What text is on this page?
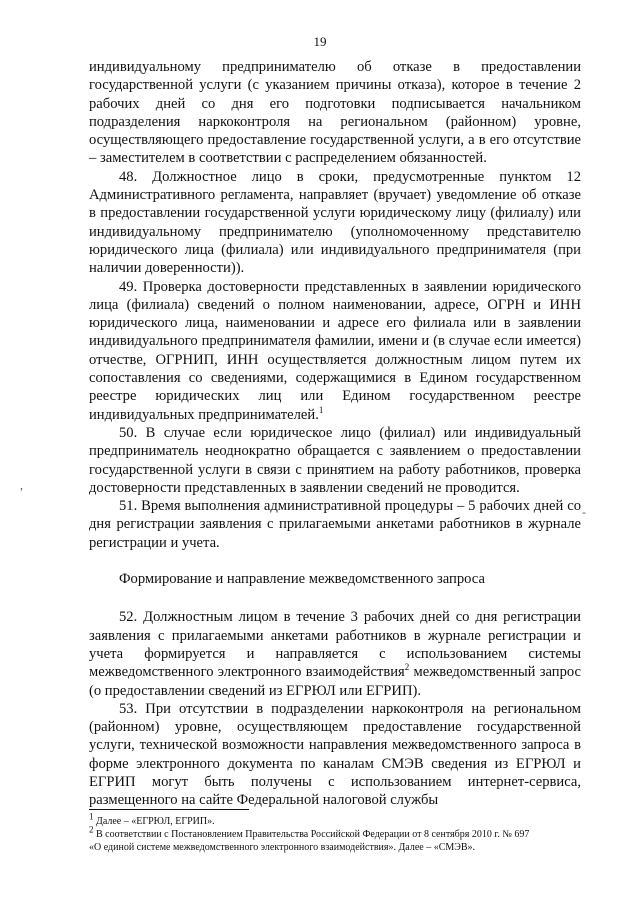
19

индивидуальному предпринимателю об отказе в предоставлении государственной услуги (с указанием причины отказа), которое в течение 2 рабочих дней со дня его подготовки подписывается начальником подразделения наркоконтроля на региональном (районном) уровне, осуществляющего предоставление государственной услуги, а в его отсутствие – заместителем в соответствии с распределением обязанностей.

48. Должностное лицо в сроки, предусмотренные пунктом 12 Административного регламента, направляет (вручает) уведомление об отказе в предоставлении государственной услуги юридическому лицу (филиалу) или индивидуальному предпринимателю (уполномоченному представителю юридического лица (филиала) или индивидуального предпринимателя (при наличии доверенности)).

49. Проверка достоверности представленных в заявлении юридического лица (филиала) сведений о полном наименовании, адресе, ОГРН и ИНН юридического лица, наименовании и адресе его филиала или в заявлении индивидуального предпринимателя фамилии, имени и (в случае если имеется) отчестве, ОГРНИП, ИНН осуществляется должностным лицом путем их сопоставления со сведениями, содержащимися в Едином государственном реестре юридических лиц или Едином государственном реестре индивидуальных предпринимателей.$^1$

50. В случае если юридическое лицо (филиал) или индивидуальный предприниматель неоднократно обращается с заявлением о предоставлении государственной услуги в связи с принятием на работу работников, проверка достоверности представленных в заявлении сведений не проводится.

51. Время выполнения административной процедуры – 5 рабочих дней со дня регистрации заявления с прилагаемыми анкетами работников в журнале регистрации и учета.

Формирование и направление межведомственного запроса

52. Должностным лицом в течение 3 рабочих дней со дня регистрации заявления с прилагаемыми анкетами работников в журнале регистрации и учета формируется и направляется с использованием системы межведомственного электронного взаимодействия$^2$ межведомственный запрос (о предоставлении сведений из ЕГРЮЛ или ЕГРИП).

53. При отсутствии в подразделении наркоконтроля на региональном (районном) уровне, осуществляющем предоставление государственной услуги, технической возможности направления межведомственного запроса в форме электронного документа по каналам СМЭВ сведения из ЕГРЮЛ и ЕГРИП могут быть получены с использованием интернет-сервиса, размещенного на сайте Федеральной налоговой службы

$^1$ Далее – «ЕГРЮЛ, ЕГРИП».

$^2$ В соответствии с Постановлением Правительства Российской Федерации от 8 сентября 2010 г. № 697

«О единой системе межведомственного электронного взаимодействия». Далее – «СМЭВ».

,
-
